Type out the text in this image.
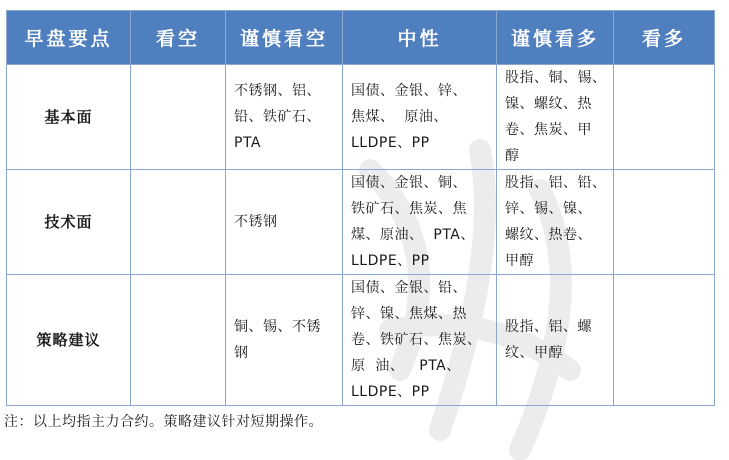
早盘要点	看空	谨慎看空	中性	谨慎看多	看多
基本面		不锈钢、铝、
铅、铁矿石、
PTA	国债、金银、锌、
焦煤、  原油、
LLDPE、PP	股指、铜、锡、
镍、螺纹、热
卷、焦炭、甲
醇	
技术面		不锈钢	国债、金银、铜、
铁矿石、焦炭、焦
煤、原油、  PTA、
LLDPE、PP	股指、铝、铅、
锌、锡、镍、
螺纹、热卷、
甲醇	
策略建议		铜、锡、不锈
钢	国债、金银、铅、
锌、镍、焦煤、热
卷、铁矿石、焦炭、
原  油、   PTA、
LLDPE、PP	股指、铝、螺
纹、甲醇	
注：以上均指主力合约。策略建议针对短期操作。
